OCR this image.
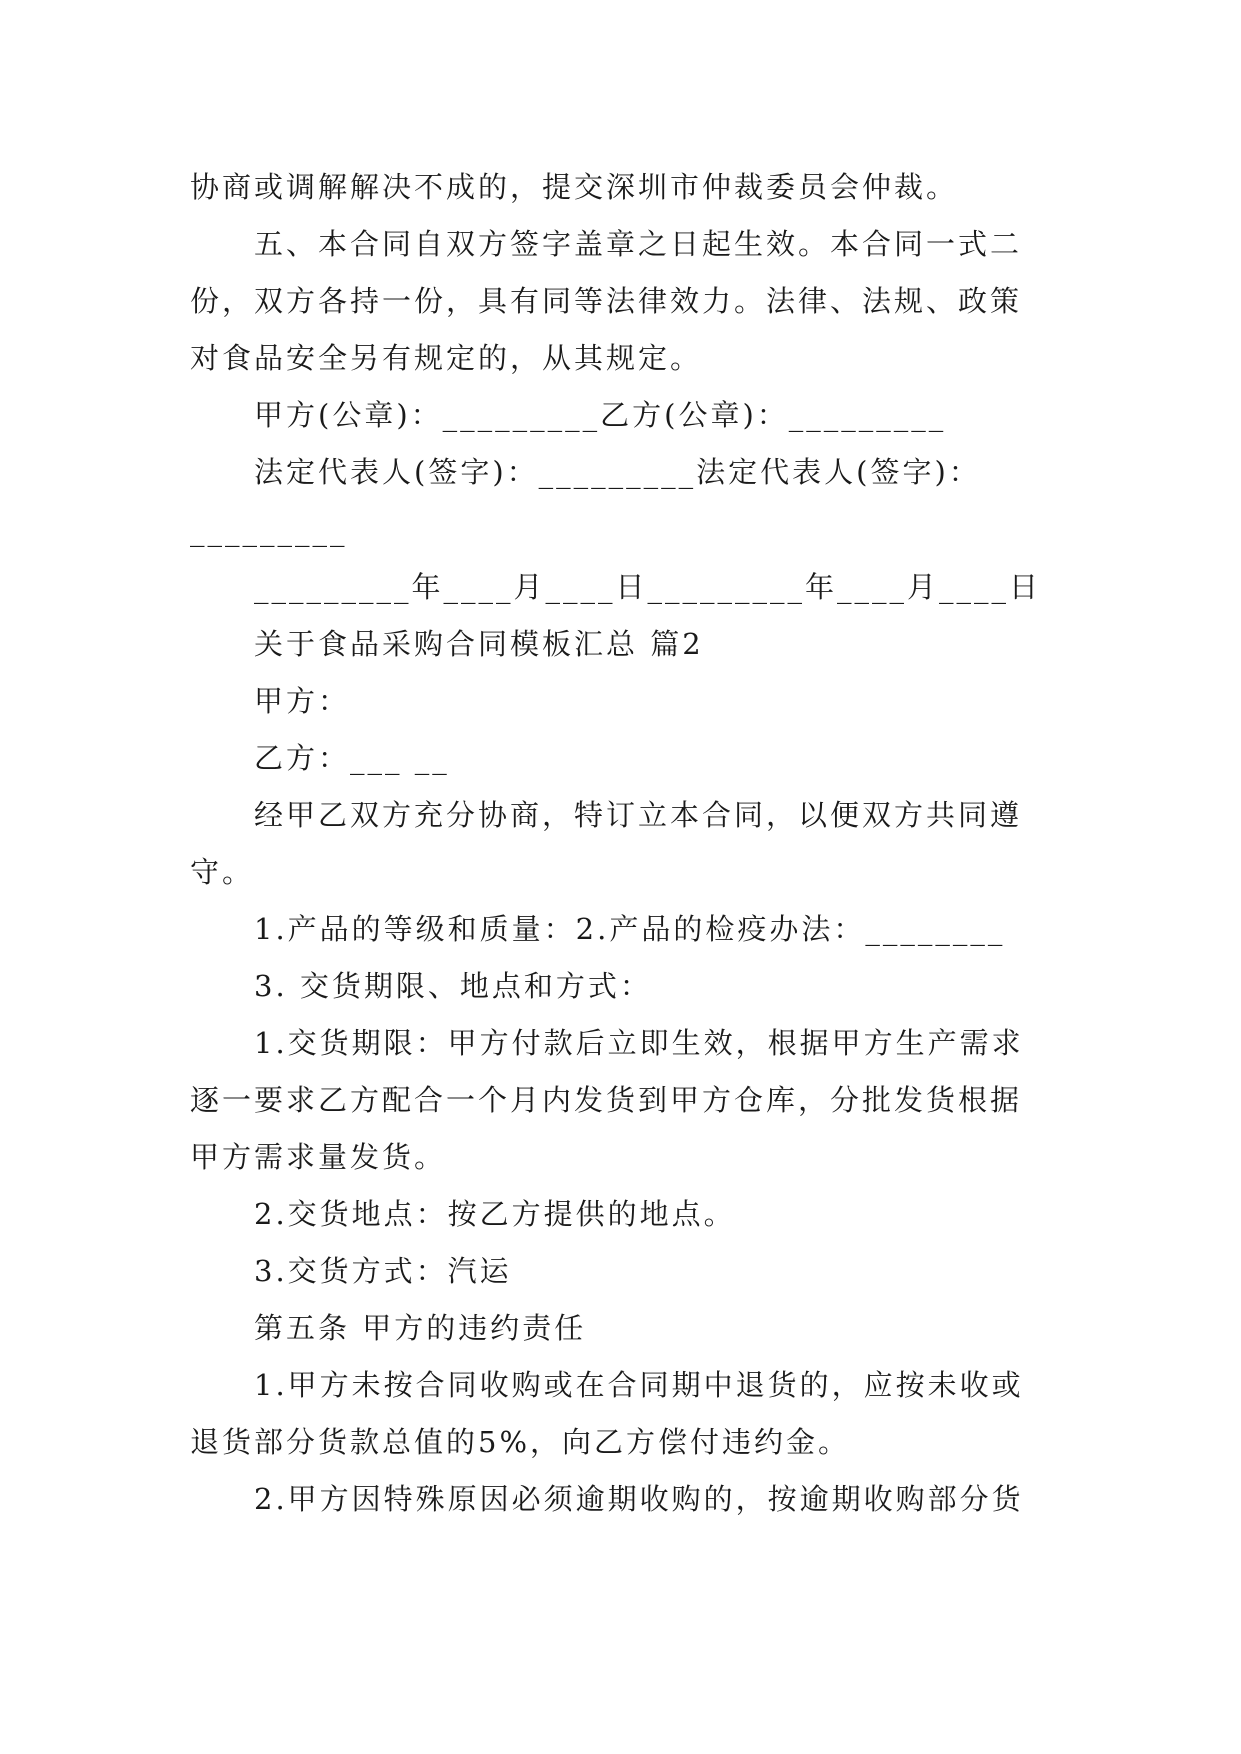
协商或调解解决不成的，提交深圳市仲裁委员会仲裁。

五、本合同自双方签字盖章之日起生效。本合同一式二

份，双方各持一份，具有同等法律效力。法律、法规、政策

对食品安全另有规定的，从其规定。

甲方(公章)：_________乙方(公章)：_________

法定代表人(签字)：_________法定代表人(签字)：

_________

_________年____月____日_________年____月____日

关于食品采购合同模板汇总 篇2

甲方：

乙方：___ __

经甲乙双方充分协商，特订立本合同，以便双方共同遵

守。

1.产品的等级和质量：2.产品的检疫办法：________

3. 交货期限、地点和方式：

1.交货期限：甲方付款后立即生效，根据甲方生产需求

逐一要求乙方配合一个月内发货到甲方仓库，分批发货根据

甲方需求量发货。

2.交货地点：按乙方提供的地点。

3.交货方式：汽运

第五条 甲方的违约责任

1.甲方未按合同收购或在合同期中退货的，应按未收或

退货部分货款总值的5%，向乙方偿付违约金。

2.甲方因特殊原因必须逾期收购的，按逾期收购部分货
